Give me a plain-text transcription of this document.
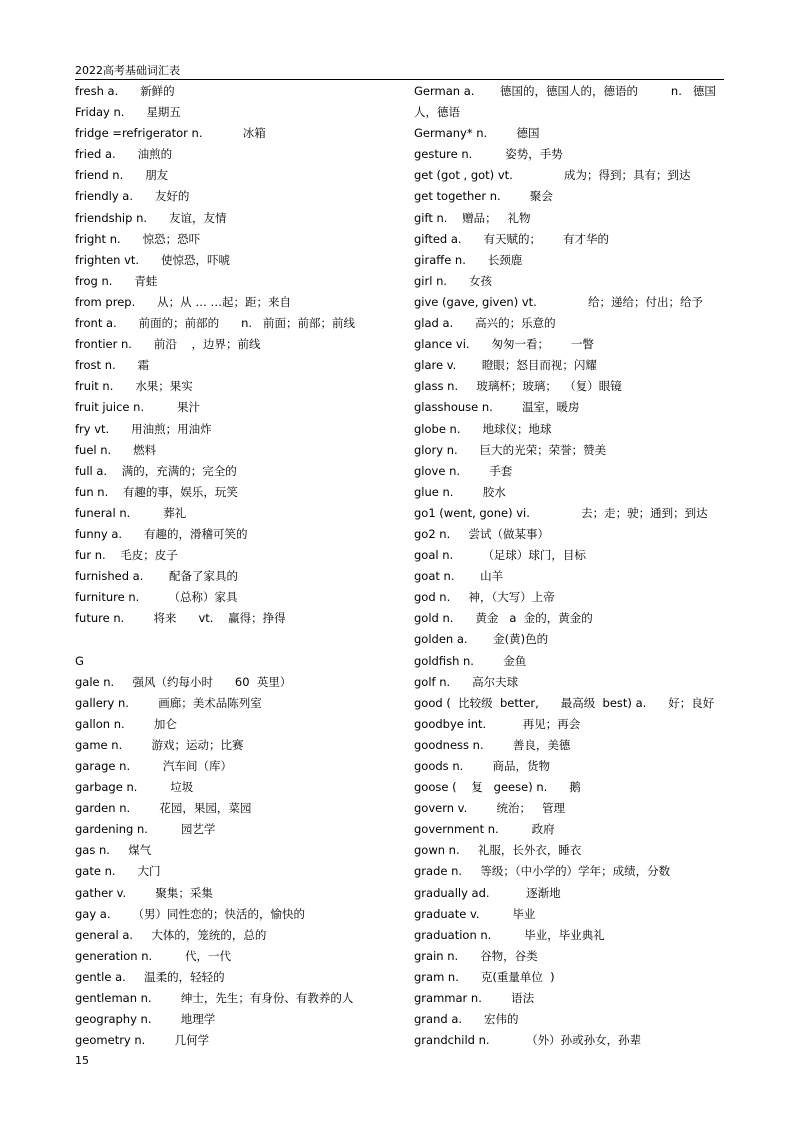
2022高考基础词汇表
fresh a. 新鲜的
Friday n. 星期五
fridge =refrigerator n.	冰箱
fried a. 油煎的
friend n. 朋友
friendly a. 友好的
friendship n. 友谊，友情
fright n. 惊恐；恐吓
frighten vt. 使惊恐，吓唬
frog n. 青蛙
from prep. 从；从 … …起；距；来自
front a. 前面的；前部的      n.   前面；前部；前线
frontier n. 前沿    ，边界；前线
frost n. 霜
fruit n. 水果；果实
fruit juice n.	果汁
fry vt. 用油煎；用油炸
fuel n. 燃料
full a. 满的，充满的；完全的
fun n. 有趣的事，娱乐，玩笑
funeral n.	葬礼
funny a. 有趣的，滑稽可笑的
fur n. 毛皮；皮子
furnished a. 配备了家具的
furniture n.	（总称）家具
future n.	将来      vt.    赢得；挣得
G
gale n. 强风（约每小时      60  英里）
gallery n.	画廊；美术品陈列室
gallon n.	加仑
game n.	游戏；运动；比赛
garage n.	汽车间（库）
garbage n.	垃圾
garden n.	花园，果园，菜园
gardening n.	园艺学
gas n. 煤气
gate n. 大门
gather v.	聚集；采集
gay a. （男）同性恋的；快活的，愉快的
general a. 大体的，笼统的，总的
generation n.	代，一代
gentle a. 温柔的，轻轻的
gentleman n.	绅士，先生；有身份、有教养的人
geography n.	地理学
geometry n.	几何学
German a. 德国的，德国人的，德语的         n.   德国
人，德语
Germany* n.	德国
gesture n.	姿势，手势
get (got , got) vt.	成为；得到；具有；到达
get together n.	聚会
gift n. 赠品；   礼物
gifted a. 有天赋的；      有才华的
giraffe n. 长颈鹿
girl n. 女孩
give (gave, given) vt.	给；递给；付出；给予
glad a. 高兴的；乐意的
glance vi. 匆匆一看；      一瞥
glare v. 瞪眼；怒目而视；闪耀
glass n. 玻璃杯；玻璃；  （复）眼镜
glasshouse n.	温室，暖房
globe n. 地球仪；地球
glory n. 巨大的光荣；荣誉；赞美
glove n.	手套
glue n.	胶水
go1 (went, gone) vi.	去；走；驶；通到；到达
go2 n. 尝试（做某事）
goal n.	（足球）球门，目标
goat n. 山羊
god n. 神，（大写）上帝
gold n. 黄金   a  金的，黄金的
golden a. 金(黄)色的
goldfish n.	金鱼
golf n. 高尔夫球
good ( 比较级  better,      最高级  best) a.      好；良好
goodbye int.	再见；再会
goodness n.	善良，美德
goods n.	商品，货物
goose ( 复   geese) n.      鹅
govern v.	统治；   管理
government n.	政府
gown n. 礼服，长外衣，睡衣
grade n. 等级；（中小学的）学年；成绩，分数
gradually ad.	逐渐地
graduate v.	毕业
graduation n.	毕业，毕业典礼
grain n. 谷物，谷类
gram n. 克(重量单位  )
grammar n.	语法
grand a. 宏伟的
grandchild n.	（外）孙或孙女，孙辈
15
